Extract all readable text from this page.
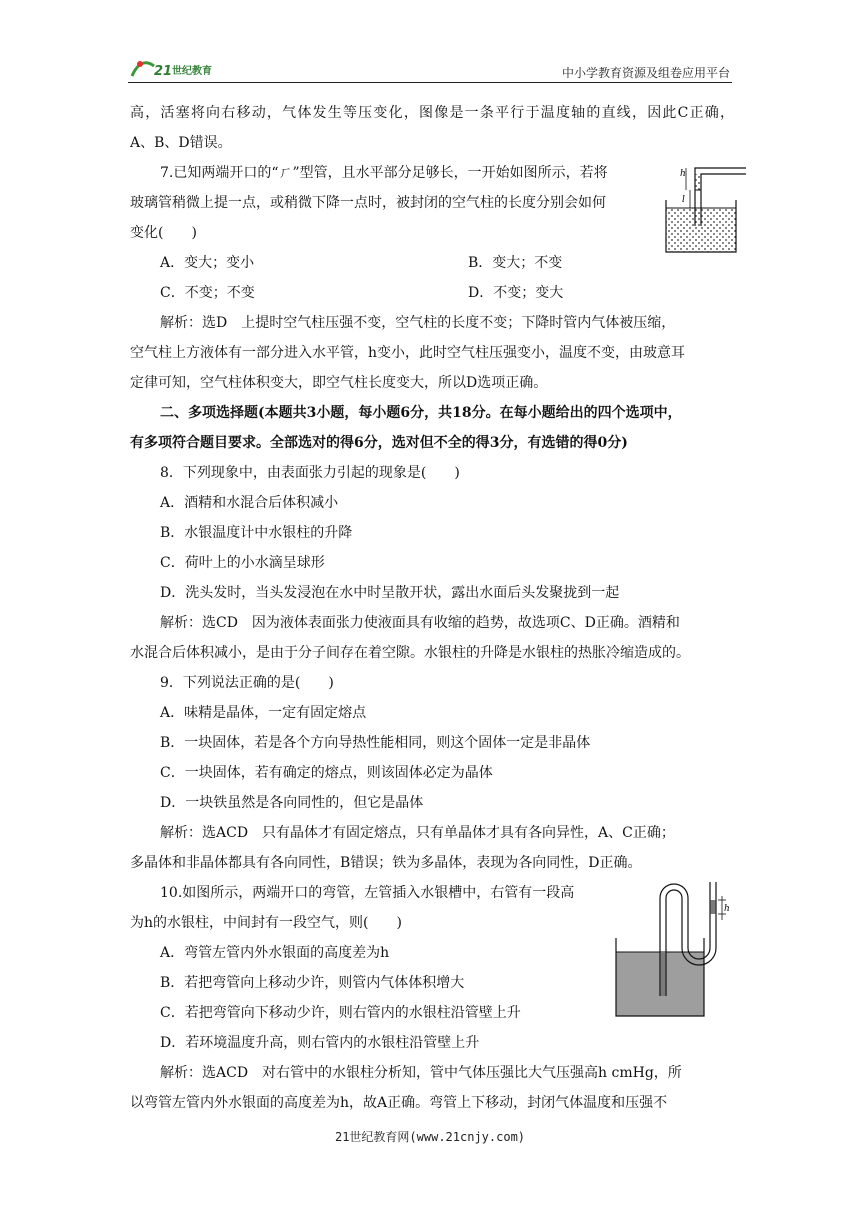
21 世纪教育	中小学教育资源及组卷应用平台
高，活塞将向右移动，气体发生等压变化，图像是一条平行于温度轴的直线，因此C正确，
A、B、D错误。
7.已知两端开口的“ㄏ”型管，且水平部分足够长，一开始如图所示，若将
玻璃管稍微上提一点，或稍微下降一点时，被封闭的空气柱的长度分别会如何
变化(　　)
A．变大；变小	B．变大；不变
C．不变；不变	D．不变；变大
解析：选D　上提时空气柱压强不变，空气柱的长度不变；下降时管内气体被压缩，
空气柱上方液体有一部分进入水平管，h变小，此时空气柱压强变小，温度不变，由玻意耳
定律可知，空气柱体积变大，即空气柱长度变大，所以D选项正确。
二、多项选择题(本题共3小题，每小题6分，共18分。在每小题给出的四个选项中，
有多项符合题目要求。全部选对的得6分，选对但不全的得3分，有选错的得0分)
8．下列现象中，由表面张力引起的现象是(　　)
A．酒精和水混合后体积减小
B．水银温度计中水银柱的升降
C．荷叶上的小水滴呈球形
D．洗头发时，当头发浸泡在水中时呈散开状，露出水面后头发聚拢到一起
解析：选CD　因为液体表面张力使液面具有收缩的趋势，故选项C、D正确。酒精和
水混合后体积减小，是由于分子间存在着空隙。水银柱的升降是水银柱的热胀冷缩造成的。
9．下列说法正确的是(　　)
A．味精是晶体，一定有固定熔点
B．一块固体，若是各个方向导热性能相同，则这个固体一定是非晶体
C．一块固体，若有确定的熔点，则该固体必定为晶体
D．一块铁虽然是各向同性的，但它是晶体
解析：选ACD　只有晶体才有固定熔点，只有单晶体才具有各向异性，A、C正确；
多晶体和非晶体都具有各向同性，B错误；铁为多晶体，表现为各向同性，D正确。
10.如图所示，两端开口的弯管，左管插入水银槽中，右管有一段高
为h的水银柱，中间封有一段空气，则(　　)
A．弯管左管内外水银面的高度差为h
B．若把弯管向上移动少许，则管内气体体积增大
C．若把弯管向下移动少许，则右管内的水银柱沿管壁上升
D．若环境温度升高，则右管内的水银柱沿管壁上升
解析：选ACD　对右管中的水银柱分析知，管中气体压强比大气压强高h cmHg，所
以弯管左管内外水银面的高度差为h，故A正确。弯管上下移动，封闭气体温度和压强不
h
l
h
21世纪教育网(www.21cnjy.com)
